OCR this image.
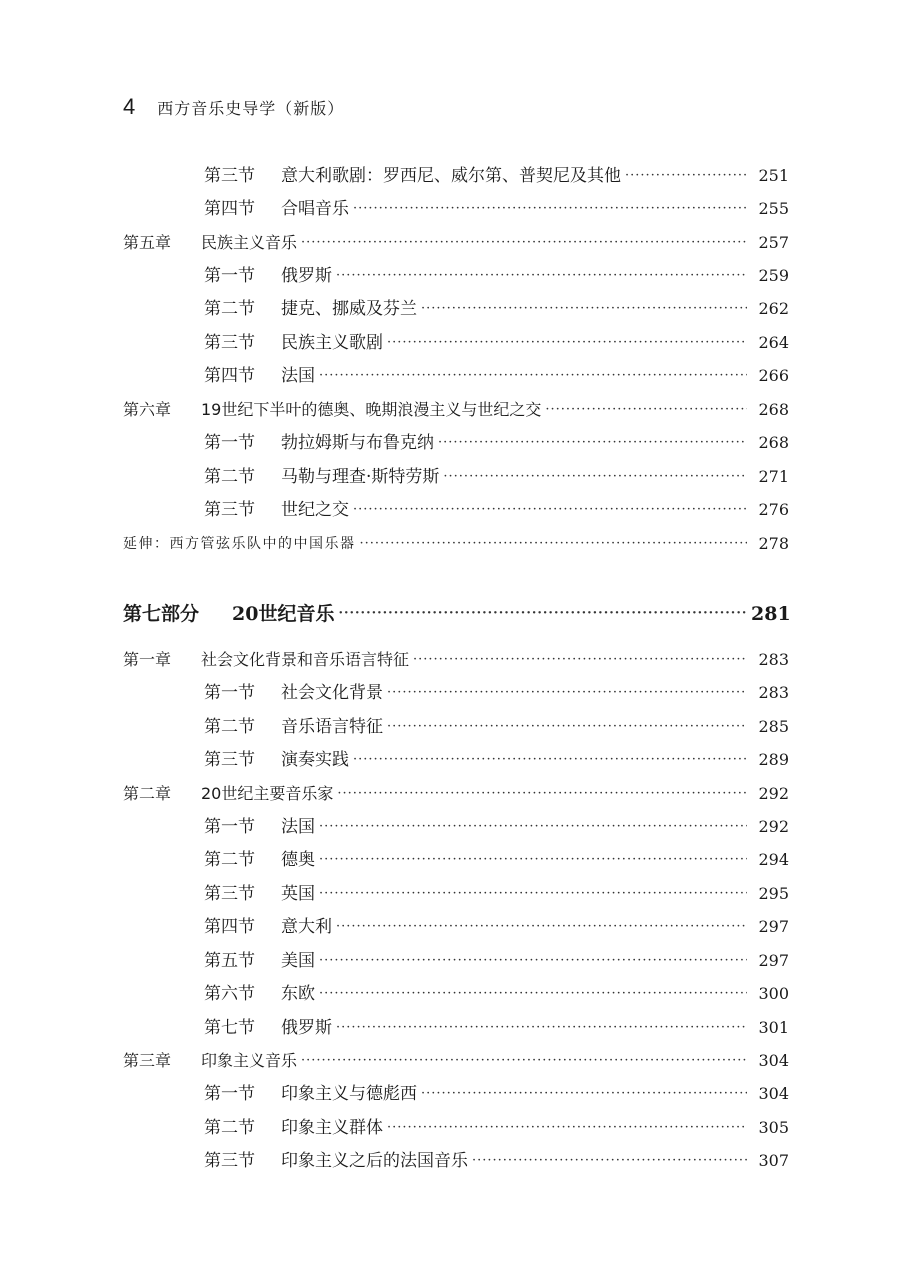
4 西方音乐史导学（新版）
第三节 意大利歌剧：罗西尼、威尔第、普契尼及其他 ·····	251
第四节 合唱音乐 ·····	255
第五章 民族主义音乐 ·····	257
第一节 俄罗斯 ·····	259
第二节 捷克、挪威及芬兰 ·····	262
第三节 民族主义歌剧 ·····	264
第四节 法国 ·····	266
第六章 19世纪下半叶的德奥、晚期浪漫主义与世纪之交 ·····	268
第一节 勃拉姆斯与布鲁克纳 ·····	268
第二节 马勒与理查·斯特劳斯 ·····	271
第三节 世纪之交 ·····	276
延伸：西方管弦乐队中的中国乐器 ·····	278
第七部分 20世纪音乐 ·····	281
第一章 社会文化背景和音乐语言特征 ·····	283
第一节 社会文化背景 ·····	283
第二节 音乐语言特征 ·····	285
第三节 演奏实践 ·····	289
第二章 20世纪主要音乐家 ·····	292
第一节 法国 ·····	292
第二节 德奥 ·····	294
第三节 英国 ·····	295
第四节 意大利 ·····	297
第五节 美国 ·····	297
第六节 东欧 ·····	300
第七节 俄罗斯 ·····	301
第三章 印象主义音乐 ·····	304
第一节 印象主义与德彪西 ·····	304
第二节 印象主义群体 ·····	305
第三节 印象主义之后的法国音乐 ·····	307
